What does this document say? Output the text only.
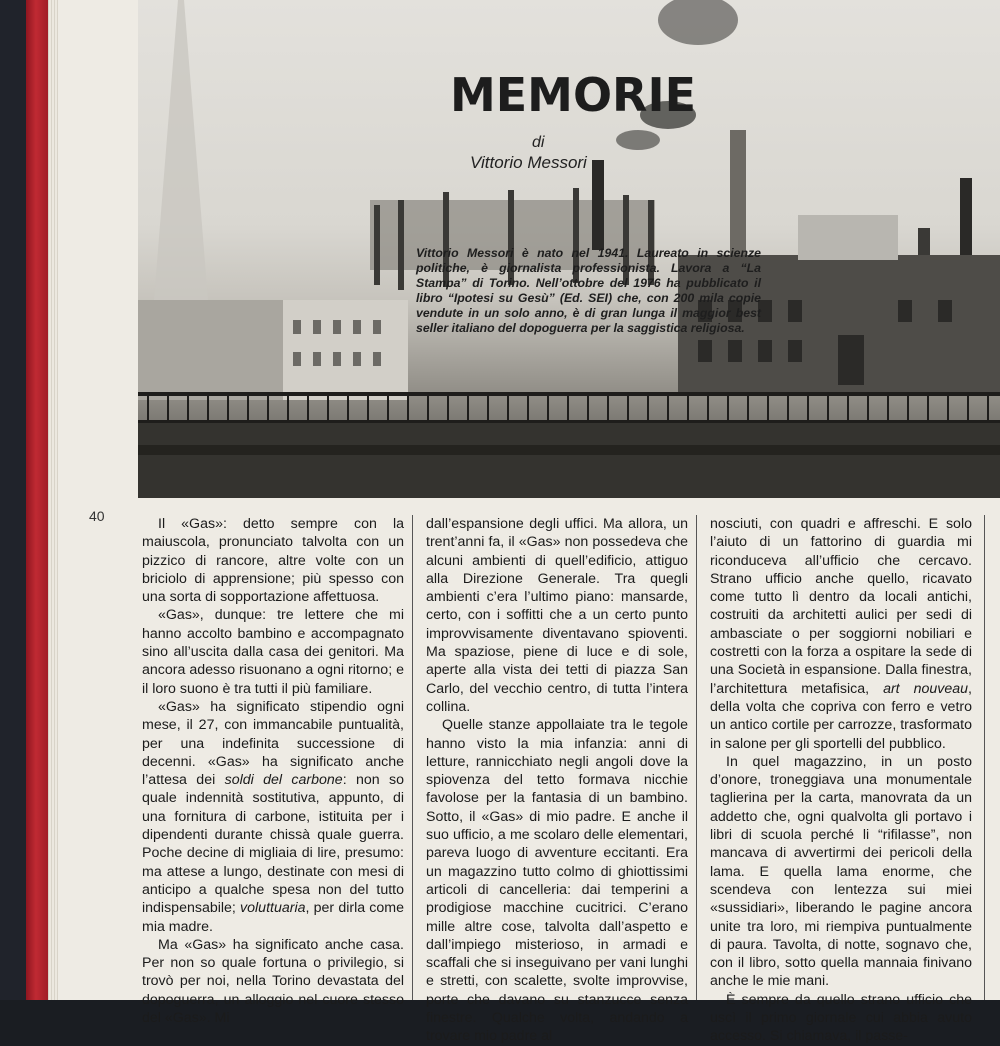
MEMORIE
di
Vittorio Messori

Vittorio Messori è nato nel 1941. Laureato in scienze politiche, è giornalista professionista. Lavora a “La Stampa” di Torino. Nell’ottobre del 1976 ha pubblicato il libro “Ipotesi su Gesù” (Ed. SEI) che, con 200 mila copie vendute in un solo anno, è di gran lunga il maggior best seller italiano del dopoguerra per la saggistica religiosa.

40	Il «Gas»: detto sempre con la maiuscola, pronunciato talvolta con un pizzico di rancore, altre volte con un briciolo di apprensione; più spesso con una sorta di sopportazione affettuosa.

«Gas», dunque: tre lettere che mi hanno accolto bambino e accompagnato sino all’uscita dalla casa dei genitori. Ma ancora adesso risuonano a ogni ritorno; e il loro suono è tra tutti il più familiare.

«Gas» ha significato stipendio ogni mese, il 27, con immancabile puntualità, per una indefinita successione di decenni. «Gas» ha significato anche l’attesa dei soldi del carbone: non so quale indennità sostitutiva, appunto, di una fornitura di carbone, istituita per i dipendenti durante chissà quale guerra. Poche decine di migliaia di lire, presumo: ma attese a lungo, destinate con mesi di anticipo a qualche spesa non del tutto indispensabile; voluttuaria, per dirla come mia madre.

Ma «Gas» ha significato anche casa. Per non so quale fortuna o privilegio, si trovò per noi, nella Torino devastata del dopoguerra, un alloggio nel cuore stesso del «Gas». Mi

dall’espansione degli uffici. Ma allora, un trent’anni fa, il «Gas» non possedeva che alcuni ambienti di quell’edificio, attiguo alla Direzione Generale. Tra quegli ambienti c’era l’ultimo piano: mansarde, certo, con i soffitti che a un certo punto improvvisamente diventavano spioventi. Ma spaziose, piene di luce e di sole, aperte alla vista dei tetti di piazza San Carlo, del vecchio centro, di tutta l’intera collina.

Quelle stanze appollaiate tra le tegole hanno visto la mia infanzia: anni di letture, rannicchiato negli angoli dove la spiovenza del tetto formava nicchie favolose per la fantasia di un bambino. Sotto, il «Gas» di mio padre. E anche il suo ufficio, a me scolaro delle elementari, pareva luogo di avventure eccitanti. Era un magazzino tutto colmo di ghiottissimi articoli di cancelleria: dai temperini a prodigiose macchine cucitrici. C’erano mille altre cose, talvolta dall’aspetto e dall’impiego misterioso, in armadi e scaffali che si inseguivano per vani lunghi e stretti, con scalette, svolte improvvise, porte che davano su stanzucce senza finestre. Qualche volta, andando a trovare mio padre al

nosciuti, con quadri e affreschi. E solo l’aiuto di un fattorino di guardia mi riconduceva all’ufficio che cercavo. Strano ufficio anche quello, ricavato come tutto lì dentro da locali antichi, costruiti da architetti aulici per sedi di ambasciate o per soggiorni nobiliari e costretti con la forza a ospitare la sede di una Società in espansione. Dalla finestra, l’architettura metafisica, art nouveau, della volta che copriva con ferro e vetro un antico cortile per carrozze, trasformato in salone per gli sportelli del pubblico.

In quel magazzino, in un posto d’onore, troneggiava una monumentale taglierina per la carta, manovrata da un addetto che, ogni qualvolta gli portavo i libri di scuola perché li “rifilasse”, non mancava di avvertirmi dei pericoli della lama. E quella lama enorme, che scendeva con lentezza sui miei «sussidiari», liberando le pagine ancora unite tra loro, mi riempiva puntualmente di paura. Tavolta, di notte, sognavo che, con il libro, sotto quella mannaia finivano anche le mie mani.

È sempre da quello strano ufficio che uscì il primo giornale cui abbia avuto accesso. Si chiamava, il passe-
